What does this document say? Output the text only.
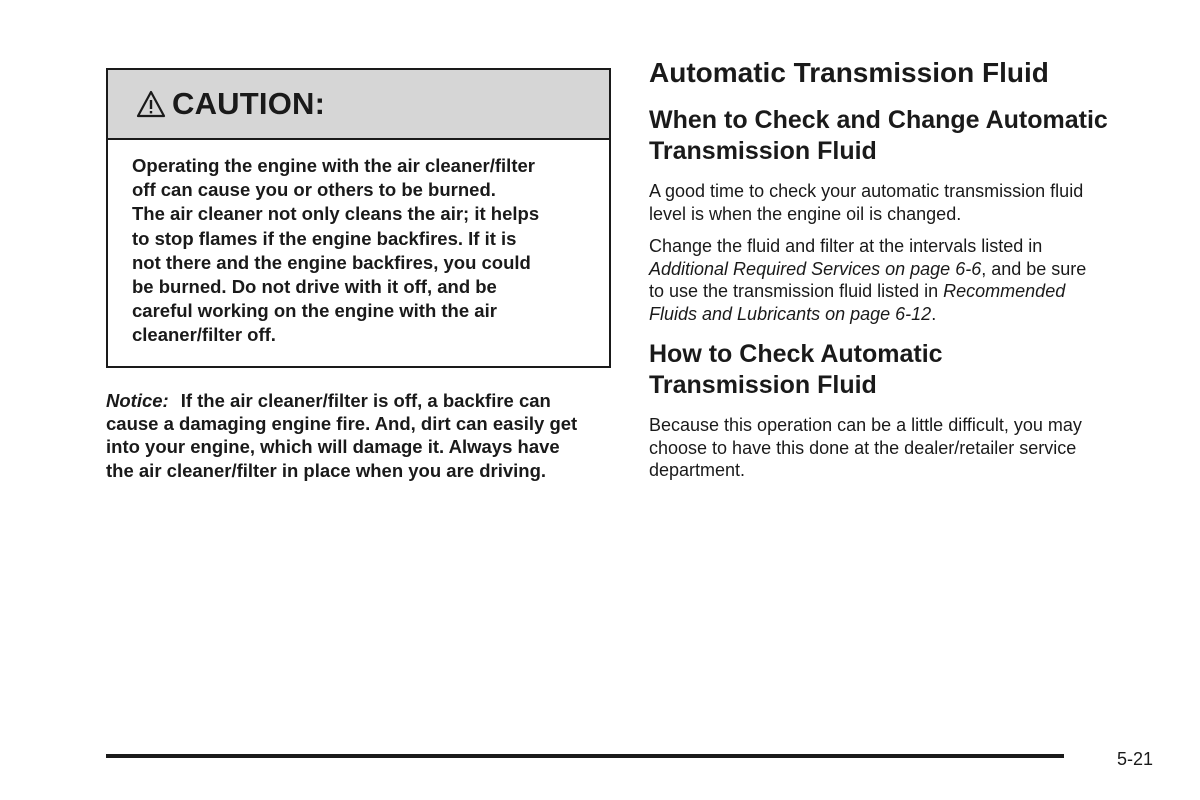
CAUTION:

Operating the engine with the air cleaner/filter

off can cause you or others to be burned.

The air cleaner not only cleans the air; it helps

to stop flames if the engine backfires. If it is

not there and the engine backfires, you could

be burned. Do not drive with it off, and be

careful working on the engine with the air

cleaner/filter off.

Notice: If the air cleaner/filter is off, a backfire can
cause a damaging engine fire. And, dirt can easily get
into your engine, which will damage it. Always have
the air cleaner/filter in place when you are driving.
Automatic Transmission Fluid
When to Check and Change Automatic
Transmission Fluid
A good time to check your automatic transmission fluid
level is when the engine oil is changed.
Change the fluid and filter at the intervals listed in
Additional Required Services on page 6-6, and be sure
to use the transmission fluid listed in Recommended
Fluids and Lubricants on page 6-12.
How to Check Automatic
Transmission Fluid
Because this operation can be a little difficult, you may
choose to have this done at the dealer/retailer service
department.
5-21
